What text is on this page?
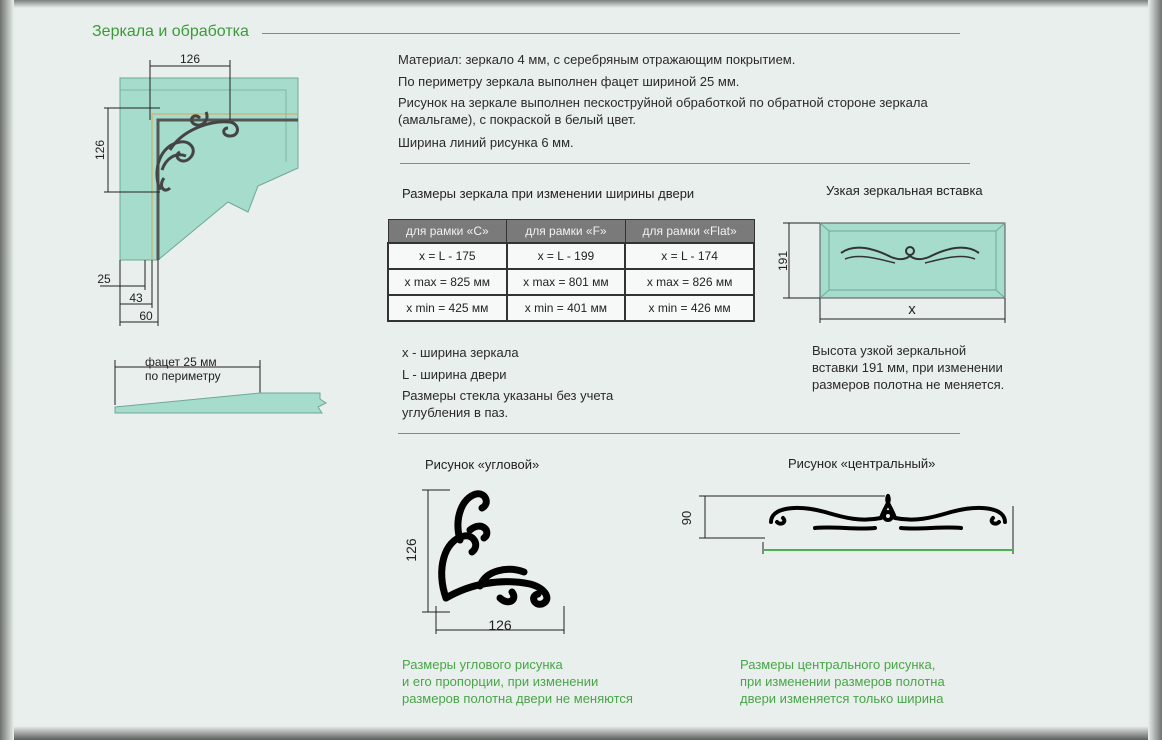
Зеркала и обработка
Материал: зеркало 4 мм, с серебряным отражающим покрытием.
По периметру зеркала выполнен фацет шириной 25 мм.
Рисунок на зеркале выполнен пескоструйной обработкой по обратной стороне зеркала
(амальгаме), с покраской в белый цвет.
Ширина линий рисунка 6 мм.
126
126
25
43
60
фацет 25 мм
по периметру
Размеры зеркала при изменении ширины двери
для рамки «С»	для рамки «F»	для рамки «Flat»
x = L - 175	x = L - 199	x = L - 174
x max = 825 мм	x max = 801 мм	x max = 826 мм
x min = 425 мм	x min = 401 мм	x min = 426 мм
x - ширина зеркала
L - ширина двери
Размеры стекла указаны без учета
углубления в паз.
Узкая зеркальная вставка
191
x
Высота узкой зеркальной
вставки 191 мм, при изменении
размеров полотна не меняется.
Рисунок «угловой»
126
126
Размеры углового рисунка
и его пропорции, при изменении
размеров полотна двери не меняются
Рисунок «центральный»
90
Размеры центрального рисунка,
при изменении размеров полотна
двери изменяется только ширина
